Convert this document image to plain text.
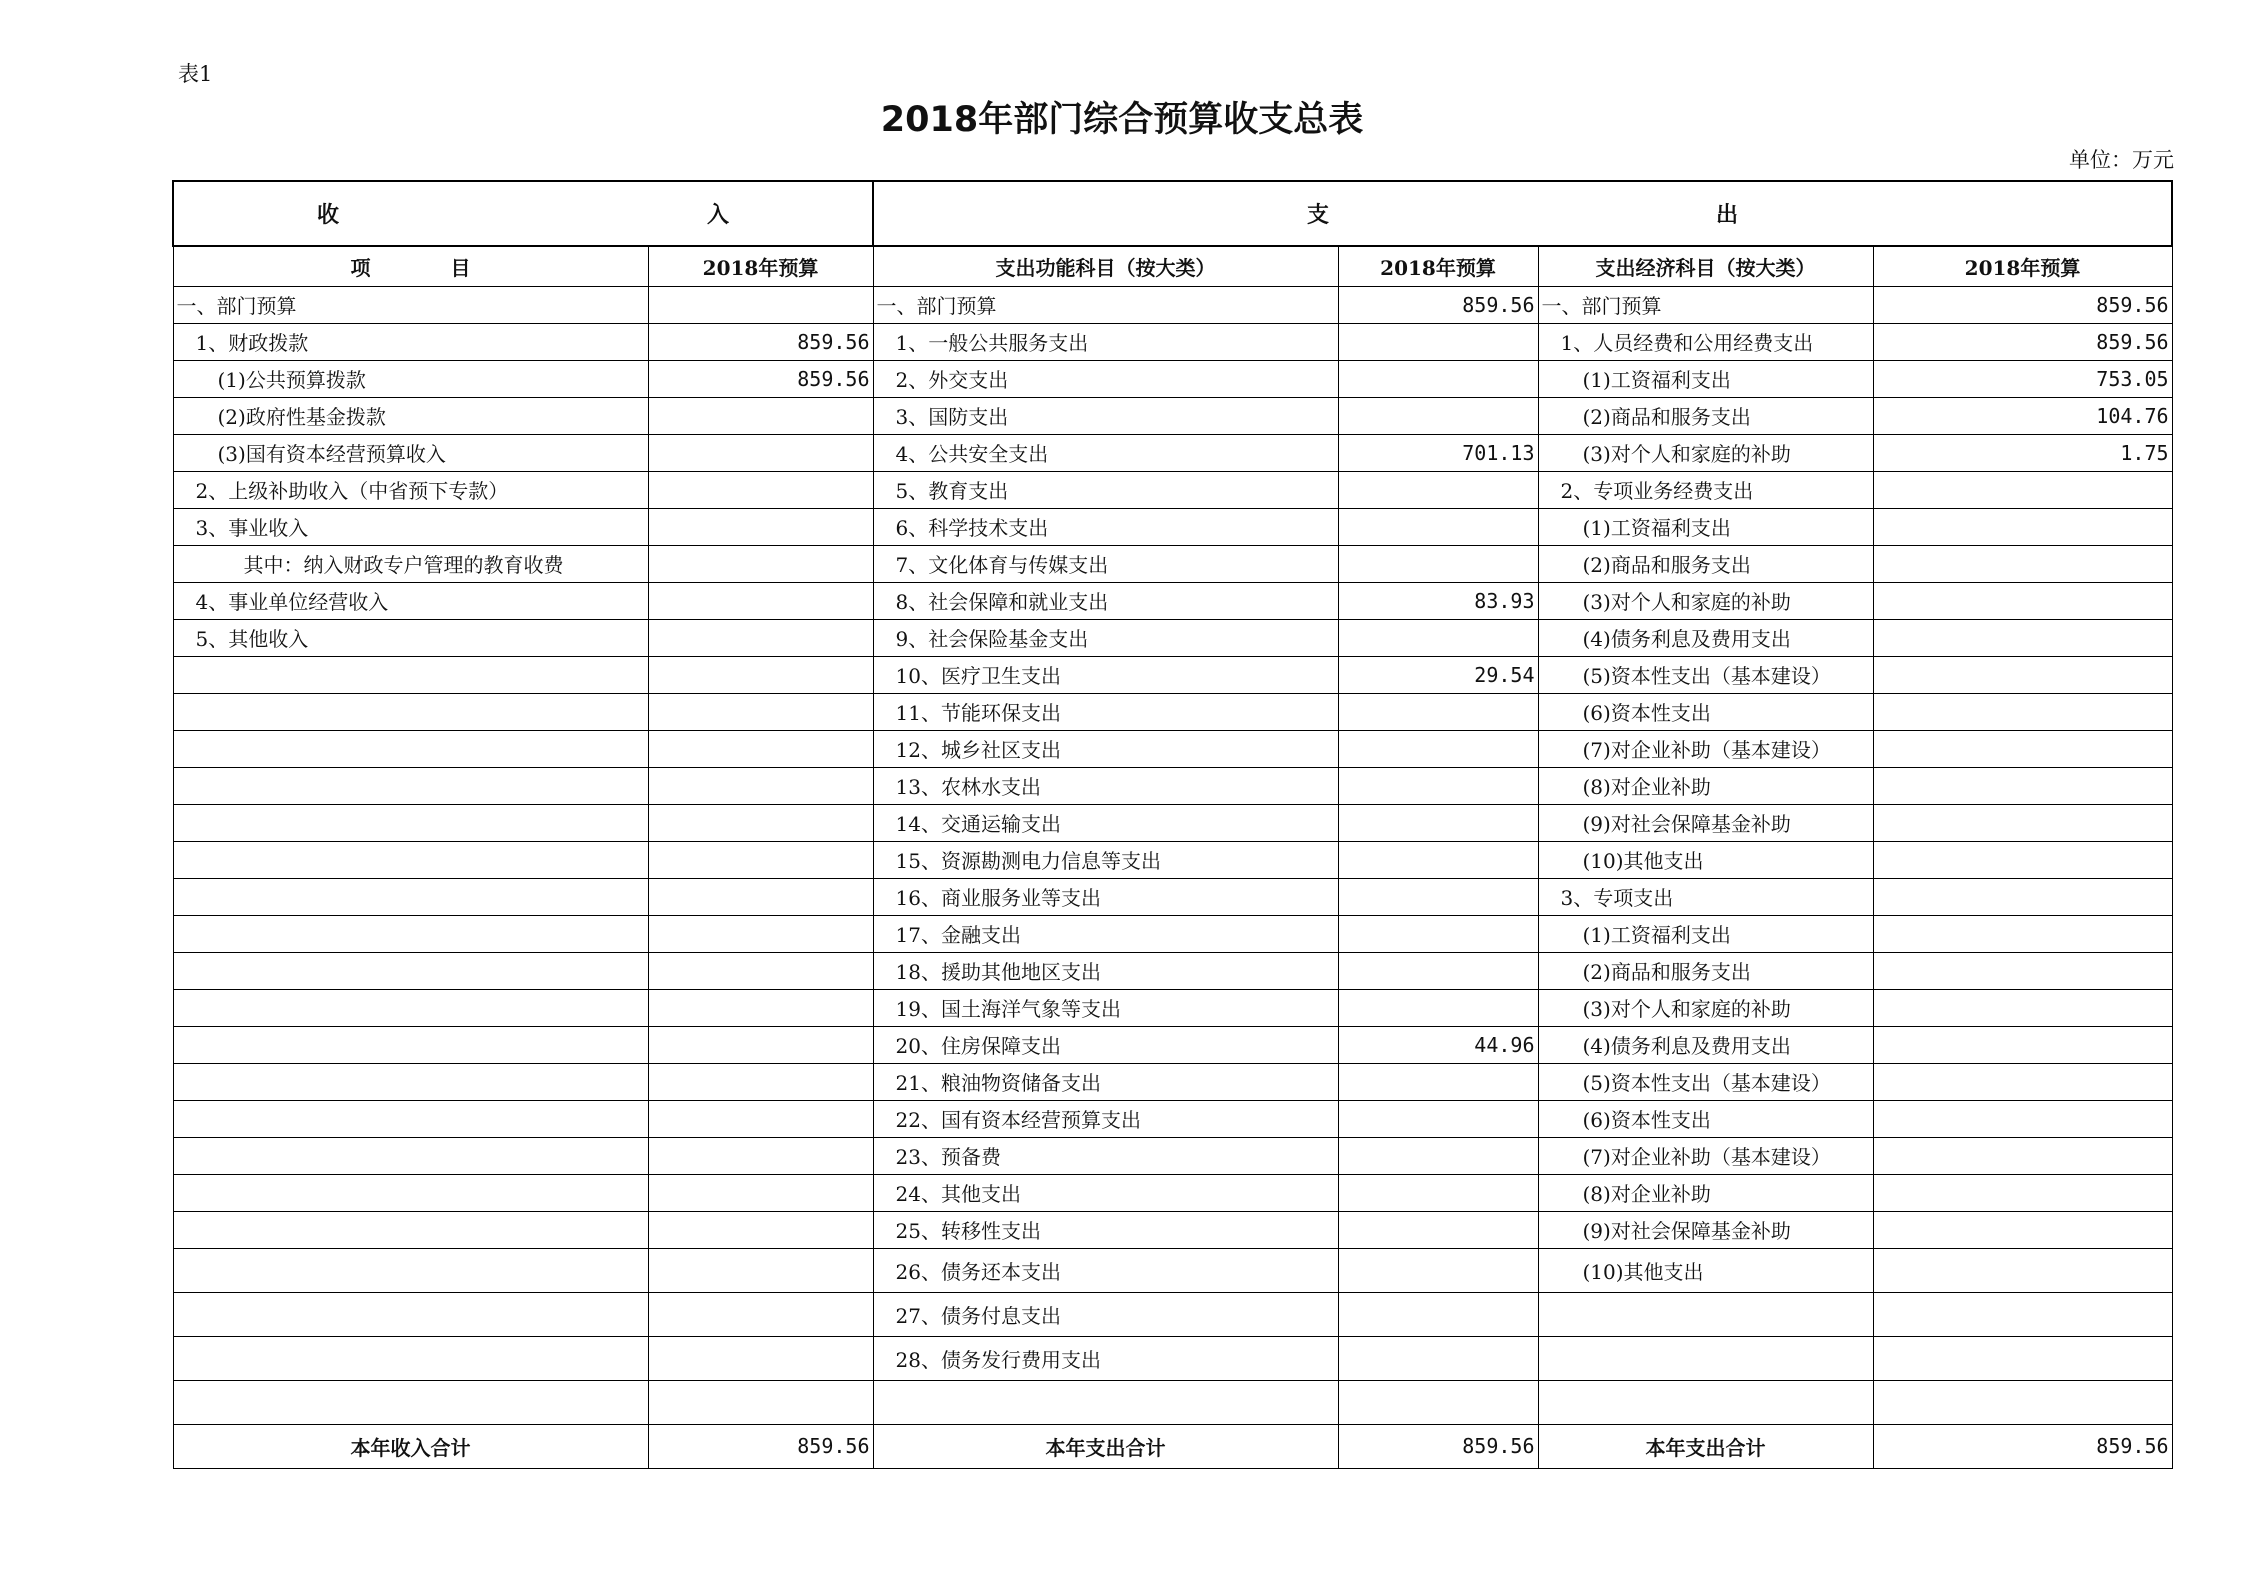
表1
2018年部门综合预算收支总表
单位：万元
收 入		支 出			

项　　　　目	2018年预算	支出功能科目（按大类）	2018年预算	支出经济科目（按大类）	2018年预算
一、部门预算		一、部门预算	859.56	一、部门预算	859.56
1、财政拨款	859.56	1、一般公共服务支出		1、人员经费和公用经费支出	859.56
(1)公共预算拨款	859.56	2、外交支出		(1)工资福利支出	753.05
(2)政府性基金拨款		3、国防支出		(2)商品和服务支出	104.76
(3)国有资本经营预算收入		4、公共安全支出	701.13	(3)对个人和家庭的补助	1.75
2、上级补助收入（中省预下专款）		5、教育支出		2、专项业务经费支出	
3、事业收入		6、科学技术支出		(1)工资福利支出	
其中：纳入财政专户管理的教育收费		7、文化体育与传媒支出		(2)商品和服务支出	
4、事业单位经营收入		8、社会保障和就业支出	83.93	(3)对个人和家庭的补助	
5、其他收入		9、社会保险基金支出		(4)债务利息及费用支出	
		10、医疗卫生支出	29.54	(5)资本性支出（基本建设）	
		11、节能环保支出		(6)资本性支出	
		12、城乡社区支出		(7)对企业补助（基本建设）	
		13、农林水支出		(8)对企业补助	
		14、交通运输支出		(9)对社会保障基金补助	
		15、资源勘测电力信息等支出		(10)其他支出	
		16、商业服务业等支出		3、专项支出	
		17、金融支出		(1)工资福利支出	
		18、援助其他地区支出		(2)商品和服务支出	
		19、国土海洋气象等支出		(3)对个人和家庭的补助	
		20、住房保障支出	44.96	(4)债务利息及费用支出	
		21、粮油物资储备支出		(5)资本性支出（基本建设）	
		22、国有资本经营预算支出		(6)资本性支出	
		23、预备费		(7)对企业补助（基本建设）	
		24、其他支出		(8)对企业补助	
		25、转移性支出		(9)对社会保障基金补助	
		26、债务还本支出		(10)其他支出	
		27、债务付息支出			
		28、债务发行费用支出			

本年收入合计	859.56	本年支出合计	859.56	本年支出合计	859.56
